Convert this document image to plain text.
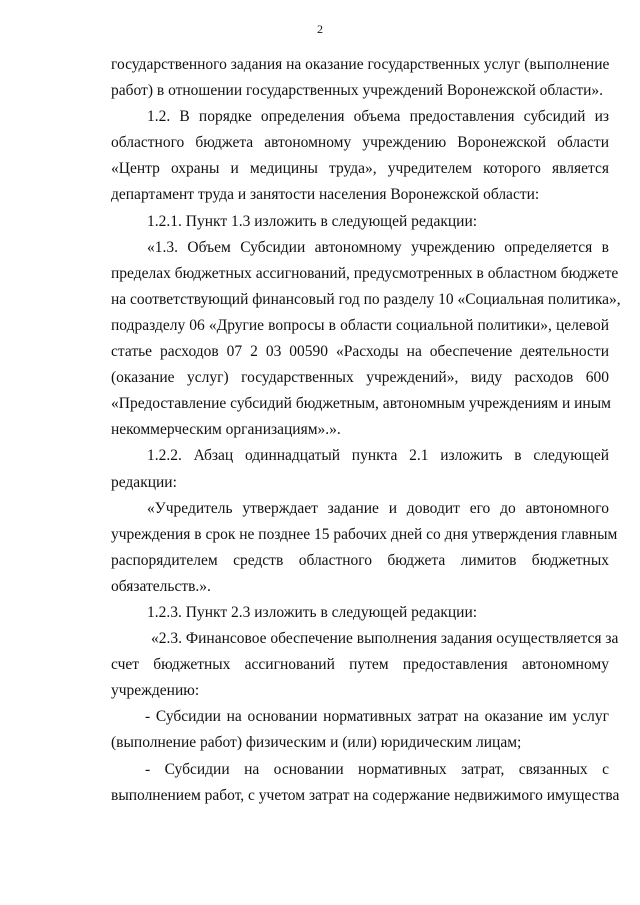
2
государственного задания на оказание государственных услуг (выполнение
работ) в отношении государственных учреждений Воронежской области».
1.2. В порядке определения объема предоставления субсидий из
областного бюджета автономному учреждению Воронежской области
«Центр охраны и медицины труда», учредителем которого является
департамент труда и занятости населения Воронежской области:
1.2.1. Пункт 1.3 изложить в следующей редакции:
«1.3. Объем Субсидии автономному учреждению определяется в
пределах бюджетных ассигнований, предусмотренных в областном бюджете
на соответствующий финансовый год по разделу 10 «Социальная политика»,
подразделу 06 «Другие вопросы в области социальной политики», целевой
статье расходов 07 2 03 00590 «Расходы на обеспечение деятельности
(оказание услуг) государственных учреждений», виду расходов 600
«Предоставление субсидий бюджетным, автономным учреждениям и иным
некоммерческим организациям».».
1.2.2. Абзац одиннадцатый пункта 2.1 изложить в следующей
редакции:
«Учредитель утверждает задание и доводит его до автономного
учреждения в срок не позднее 15 рабочих дней со дня утверждения главным
распорядителем средств областного бюджета лимитов бюджетных
обязательств.».
1.2.3. Пункт 2.3 изложить в следующей редакции:
«2.3. Финансовое обеспечение выполнения задания осуществляется за
счет бюджетных ассигнований путем предоставления автономному
учреждению:
- Субсидии на основании нормативных затрат на оказание им услуг
(выполнение работ) физическим и (или) юридическим лицам;
- Субсидии на основании нормативных затрат, связанных с
выполнением работ, с учетом затрат на содержание недвижимого имущества
